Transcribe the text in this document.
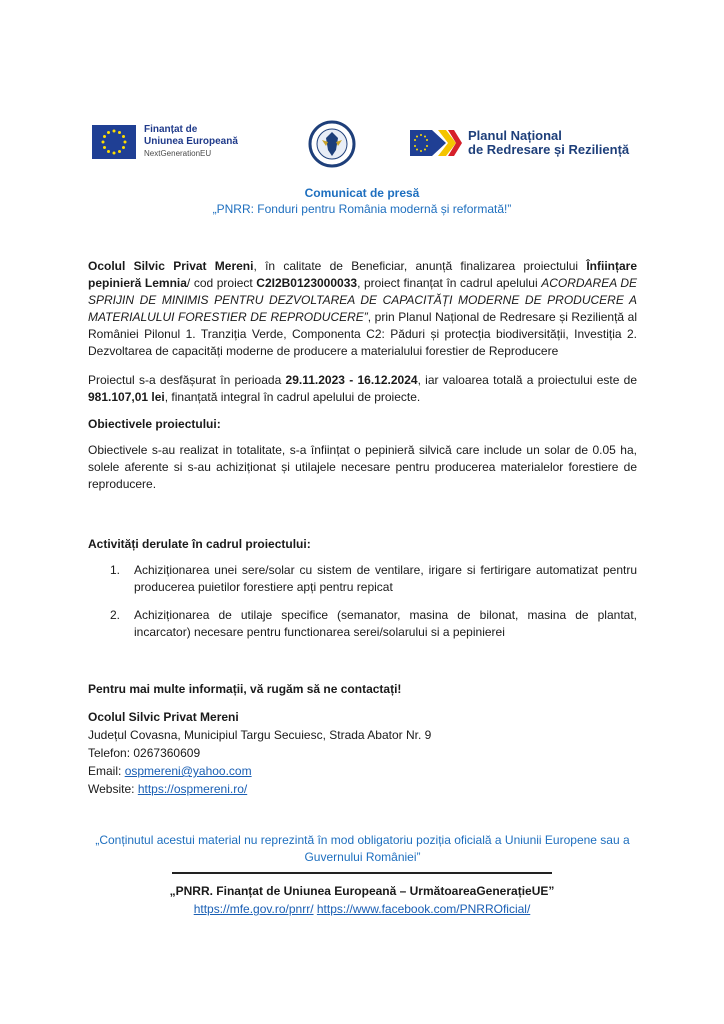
Finanțat de
Uniunea Europeană
NextGenerationEU
Planul Național
de Redresare și Reziliență
Comunicat de presă
„PNRR: Fonduri pentru România modernă și reformată!”

Ocolul Silvic Privat Mereni, în calitate de Beneficiar, anunță finalizarea proiectului Înființare pepinieră Lemnia/ cod proiect C2I2B0123000033, proiect finanțat în cadrul apelului ACORDAREA DE SPRIJIN DE MINIMIS PENTRU DEZVOLTAREA DE CAPACITĂȚI MODERNE DE PRODUCERE A MATERIALULUI FORESTIER DE REPRODUCERE”, prin Planul Național de Redresare și Reziliență al României Pilonul 1. Tranziția Verde, Componenta C2: Păduri și protecția biodiversității, Investiția 2. Dezvoltarea de capacități moderne de producere a materialului forestier de Reproducere

Proiectul s-a desfășurat în perioada 29.11.2023 - 16.12.2024, iar valoarea totală a proiectului este de 981.107,01 lei, finanțată integral în cadrul apelului de proiecte.

Obiectivele proiectului:

Obiectivele s-au realizat in totalitate, s-a înființat o pepinieră silvică care include un solar de 0.05 ha, solele aferente si s-au achiziționat și utilajele necesare pentru producerea materialelor forestiere de reproducere.

Activități derulate în cadrul proiectului:

1.	Achiziționarea unei sere/solar cu sistem de ventilare, irigare si fertirigare automatizat pentru producerea puietilor forestiere apți pentru repicat
2.	Achiziționarea de utilaje specifice (semanator, masina de bilonat, masina de plantat, incarcator) necesare pentru functionarea serei/solarului si a pepinierei

Pentru mai multe informații, vă rugăm să ne contactați!

Ocolul Silvic Privat Mereni
Județul Covasna, Municipiul Targu Secuiesc, Strada Abator Nr. 9
Telefon: 0267360609
Email: ospmereni@yahoo.com
Website: https://ospmereni.ro/
„Conținutul acestui material nu reprezintă în mod obligatoriu poziția oficială a Uniunii Europene sau a Guvernului României”
„PNRR. Finanțat de Uniunea Europeană – UrmătoareaGenerațieUE”
https://mfe.gov.ro/pnrr/ https://www.facebook.com/PNRROficial/
